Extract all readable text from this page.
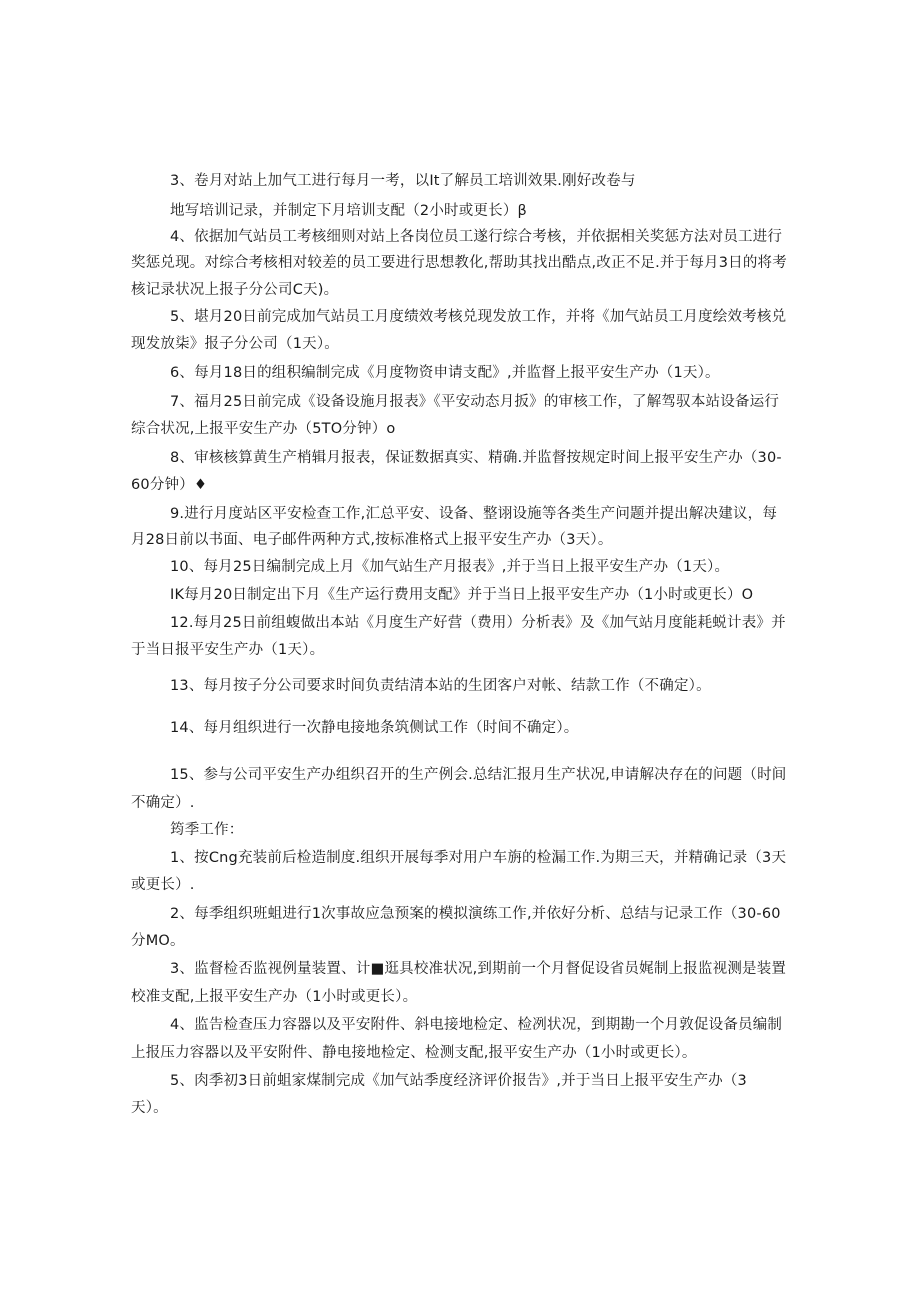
3、卷月对站上加气工进行每月一考，以It了解员工培训效果.刚好改卷与

地写培训记录，并制定下月培训支配（2小时或更长）β

4、依据加气站员工考核细则对站上各岗位员工遂行综合考核，并依据相关奖惩方法对员工进行

奖惩兑现。对综合考核相对较差的员工要进行思想教化,帮助其找出酷点,改正不足.并于每月3日的将考

核记录状况上报子分公司C天)。

5、堪月20日前完成加气站员工月度绩效考核兑现发放工作，并将《加气站员工月度绘效考核兑

现发放柒》报子分公司（1天）。

6、每月18日的组积编制完成《月度物资申请支配》,并监督上报平安生产办（1天）。

7、福月25日前完成《设备设施月报表》《平安动态月扳》的审核工作，了解驾驭本站设备运行

综合状况,上报平安生产办（5TO分钟）o

8、审核核算黄生产梢辑月报表，保证数据真实、精确.并监督按规定时间上报平安生产办（30-

60分钟）♦

9.进行月度站区平安检查工作,汇总平安、设备、整诩设施等各类生产问题并提出解决建议，每

月28日前以书面、电子邮件两种方式,按标准格式上报平安生产办（3天）。

10、每月25日编制完成上月《加气站生产月报表》,并于当日上报平安生产办（1天）。

IK每月20日制定出下月《生产运行费用支配》并于当日上报平安生产办（1小时或更长）O

12.每月25日前组蝮做出本站《月度生产好营（费用）分析表》及《加气站月度能耗蜕计表》并

于当日报平安生产办（1天）。

13、每月按子分公司要求时间负责结清本站的生团客户对帐、结款工作（不确定）。

14、每月组织进行一次静电接地条筑侧试工作（时间不确定）。

15、参与公司平安生产办组织召开的生产例会.总结汇报月生产状况,申请解决存在的问题（时间

不确定）.

筠季工作：

1、按Cng充装前后检造制度.组织开展每季对用户车旃的检漏工作.为期三天，并精确记录（3天

或更长）.

2、每季组织班蛆进行1次事故应急预案的模拟演练工作,并依好分析、总结与记录工作（30-60

分MO。

3、监督检否监视例量装置、计■逛具校准状况,到期前一个月督促设省员娓制上报监视测是装置

校准支配,上报平安生产办（1小时或更长）。

4、监告检查压力容器以及平安附件、斜电接地检定、检冽状况，到期勘一个月敦促设备员编制

上报压力容器以及平安附件、静电接地检定、检测支配,报平安生产办（1小时或更长）。

5、肉季初3日前蛆家煤制完成《加气站季度经济评价报告》,并于当日上报平安生产办（3

天）。
